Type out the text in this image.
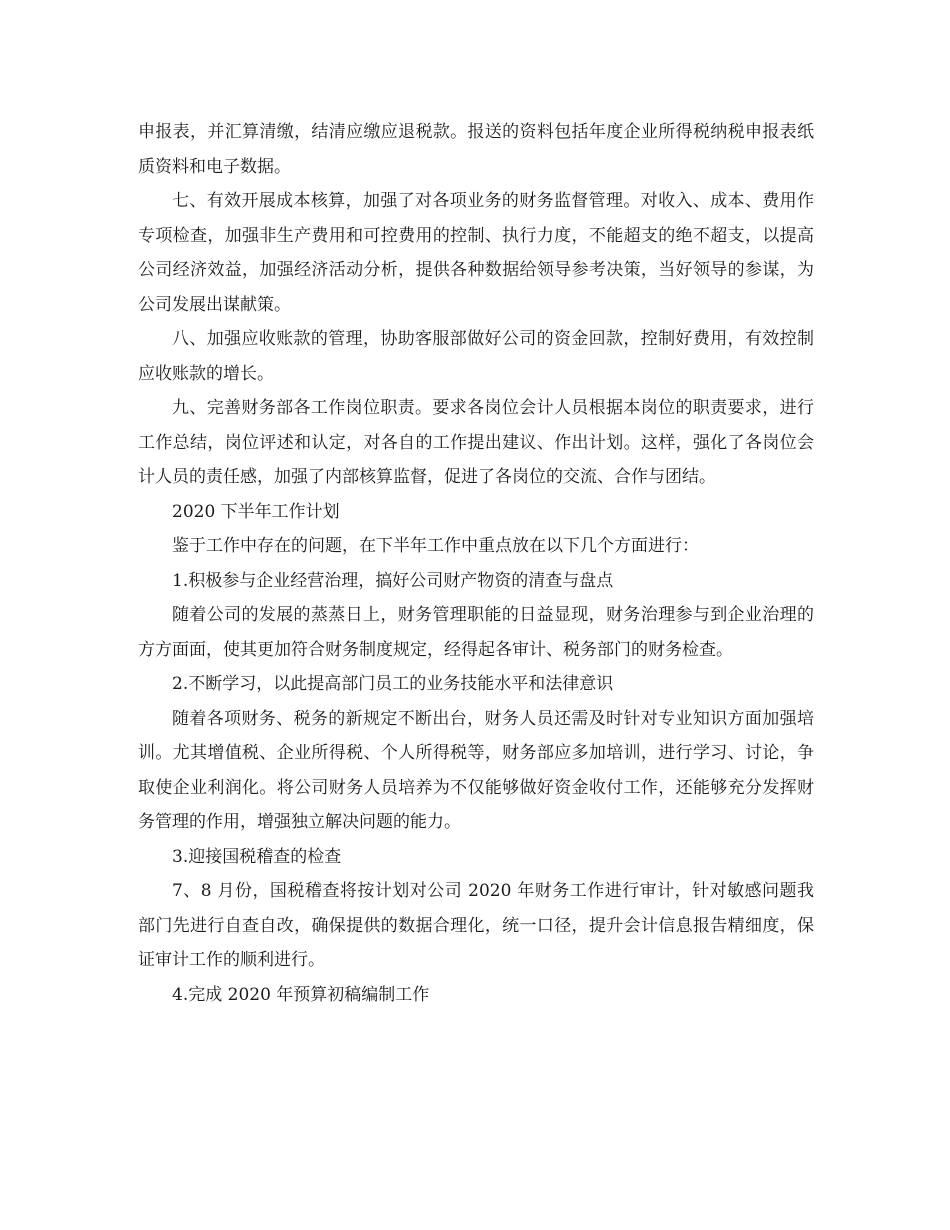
申报表，并汇算清缴，结清应缴应退税款。报送的资料包括年度企业所得税纳税申报表纸质资料和电子数据。

七、有效开展成本核算，加强了对各项业务的财务监督管理。对收入、成本、费用作专项检查，加强非生产费用和可控费用的控制、执行力度，不能超支的绝不超支，以提高公司经济效益，加强经济活动分析，提供各种数据给领导参考决策，当好领导的参谋，为公司发展出谋献策。

八、加强应收账款的管理，协助客服部做好公司的资金回款，控制好费用，有效控制应收账款的增长。

九、完善财务部各工作岗位职责。要求各岗位会计人员根据本岗位的职责要求，进行工作总结，岗位评述和认定，对各自的工作提出建议、作出计划。这样，强化了各岗位会计人员的责任感，加强了内部核算监督，促进了各岗位的交流、合作与团结。

2020 下半年工作计划

鉴于工作中存在的问题，在下半年工作中重点放在以下几个方面进行：

1.积极参与企业经营治理，搞好公司财产物资的清查与盘点

随着公司的发展的蒸蒸日上，财务管理职能的日益显现，财务治理参与到企业治理的方方面面，使其更加符合财务制度规定，经得起各审计、税务部门的财务检查。

2.不断学习，以此提高部门员工的业务技能水平和法律意识

随着各项财务、税务的新规定不断出台，财务人员还需及时针对专业知识方面加强培训。尤其增值税、企业所得税、个人所得税等，财务部应多加培训，进行学习、讨论，争取使企业利润化。将公司财务人员培养为不仅能够做好资金收付工作，还能够充分发挥财务管理的作用，增强独立解决问题的能力。

3.迎接国税稽查的检查

7、8 月份，国税稽查将按计划对公司 2020 年财务工作进行审计，针对敏感问题我部门先进行自查自改，确保提供的数据合理化，统一口径，提升会计信息报告精细度，保证审计工作的顺利进行。

4.完成 2020 年预算初稿编制工作
